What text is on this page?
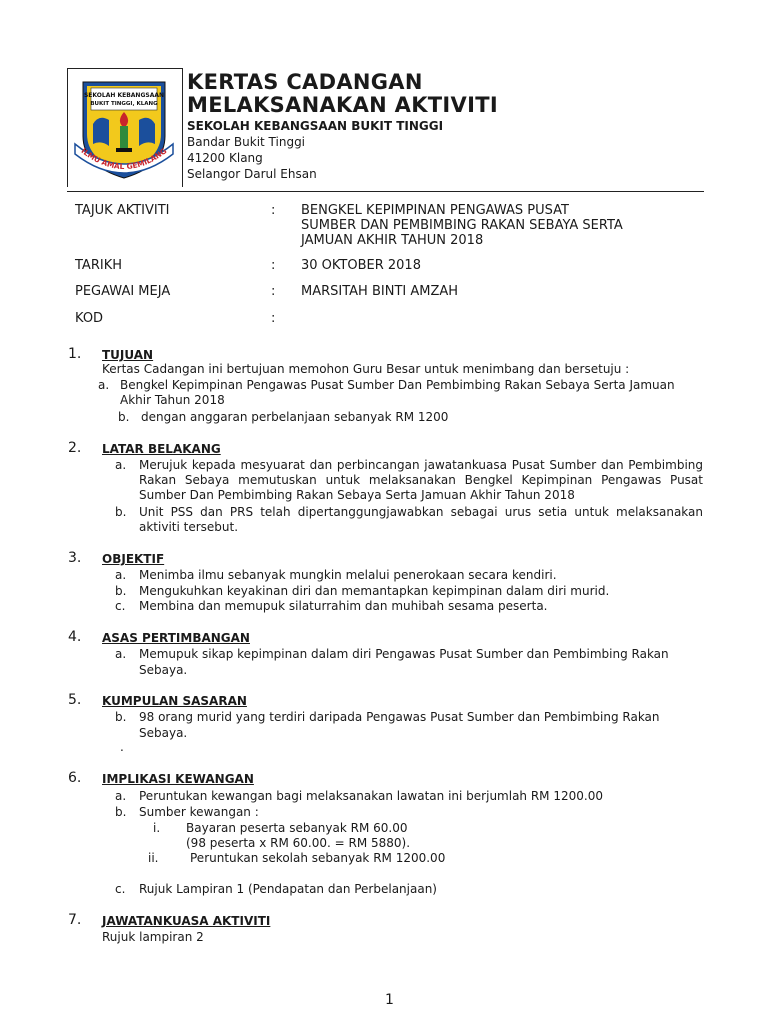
SEKOLAH KEBANGSAAN
BUKIT TINGGI, KLANG
ILMU AMAL GEMILANG
KERTAS CADANGAN
MELAKSANAKAN AKTIVITI
SEKOLAH KEBANGSAAN BUKIT TINGGI
Bandar Bukit Tinggi
41200 Klang
Selangor Darul Ehsan
TAJUK AKTIVITI	: BENGKEL KEPIMPINAN PENGAWAS PUSAT
SUMBER DAN PEMBIMBING RAKAN SEBAYA SERTA
JAMUAN AKHIR TAHUN 2018
TARIKH	: 30 OKTOBER 2018
PEGAWAI MEJA	: MARSITAH BINTI AMZAH
KOD	:
1. TUJUAN
Kertas Cadangan ini bertujuan memohon Guru Besar untuk menimbang dan bersetuju :
a. Bengkel Kepimpinan Pengawas Pusat Sumber Dan Pembimbing Rakan Sebaya Serta Jamuan
Akhir Tahun 2018
b. dengan anggaran perbelanjaan sebanyak RM 1200
2. LATAR BELAKANG
a. Merujuk kepada mesyuarat dan perbincangan jawatankuasa Pusat Sumber dan Pembimbing Rakan Sebaya memutuskan untuk melaksanakan Bengkel Kepimpinan Pengawas Pusat Sumber Dan Pembimbing Rakan Sebaya Serta Jamuan Akhir Tahun 2018
b. Unit PSS dan PRS telah dipertanggungjawabkan sebagai urus setia untuk melaksanakan aktiviti tersebut.
3. OBJEKTIF
a. Menimba ilmu sebanyak mungkin melalui penerokaan secara kendiri.
b. Mengukuhkan keyakinan diri dan memantapkan kepimpinan dalam diri murid.
c. Membina dan memupuk silaturrahim dan muhibah sesama peserta.
4. ASAS PERTIMBANGAN
a. Memupuk sikap kepimpinan dalam diri Pengawas Pusat Sumber dan Pembimbing Rakan
Sebaya.
5. KUMPULAN SASARAN
b. 98 orang murid yang terdiri daripada Pengawas Pusat Sumber dan Pembimbing Rakan
Sebaya.
.
6. IMPLIKASI KEWANGAN
a. Peruntukan kewangan bagi melaksanakan lawatan ini berjumlah RM 1200.00
b. Sumber kewangan :
i. Bayaran peserta sebanyak RM 60.00
(98 peserta x RM 60.00. = RM 5880).
ii.	Peruntukan sekolah sebanyak RM 1200.00
c. Rujuk Lampiran 1 (Pendapatan dan Perbelanjaan)
7. JAWATANKUASA AKTIVITI
Rujuk lampiran 2
1
